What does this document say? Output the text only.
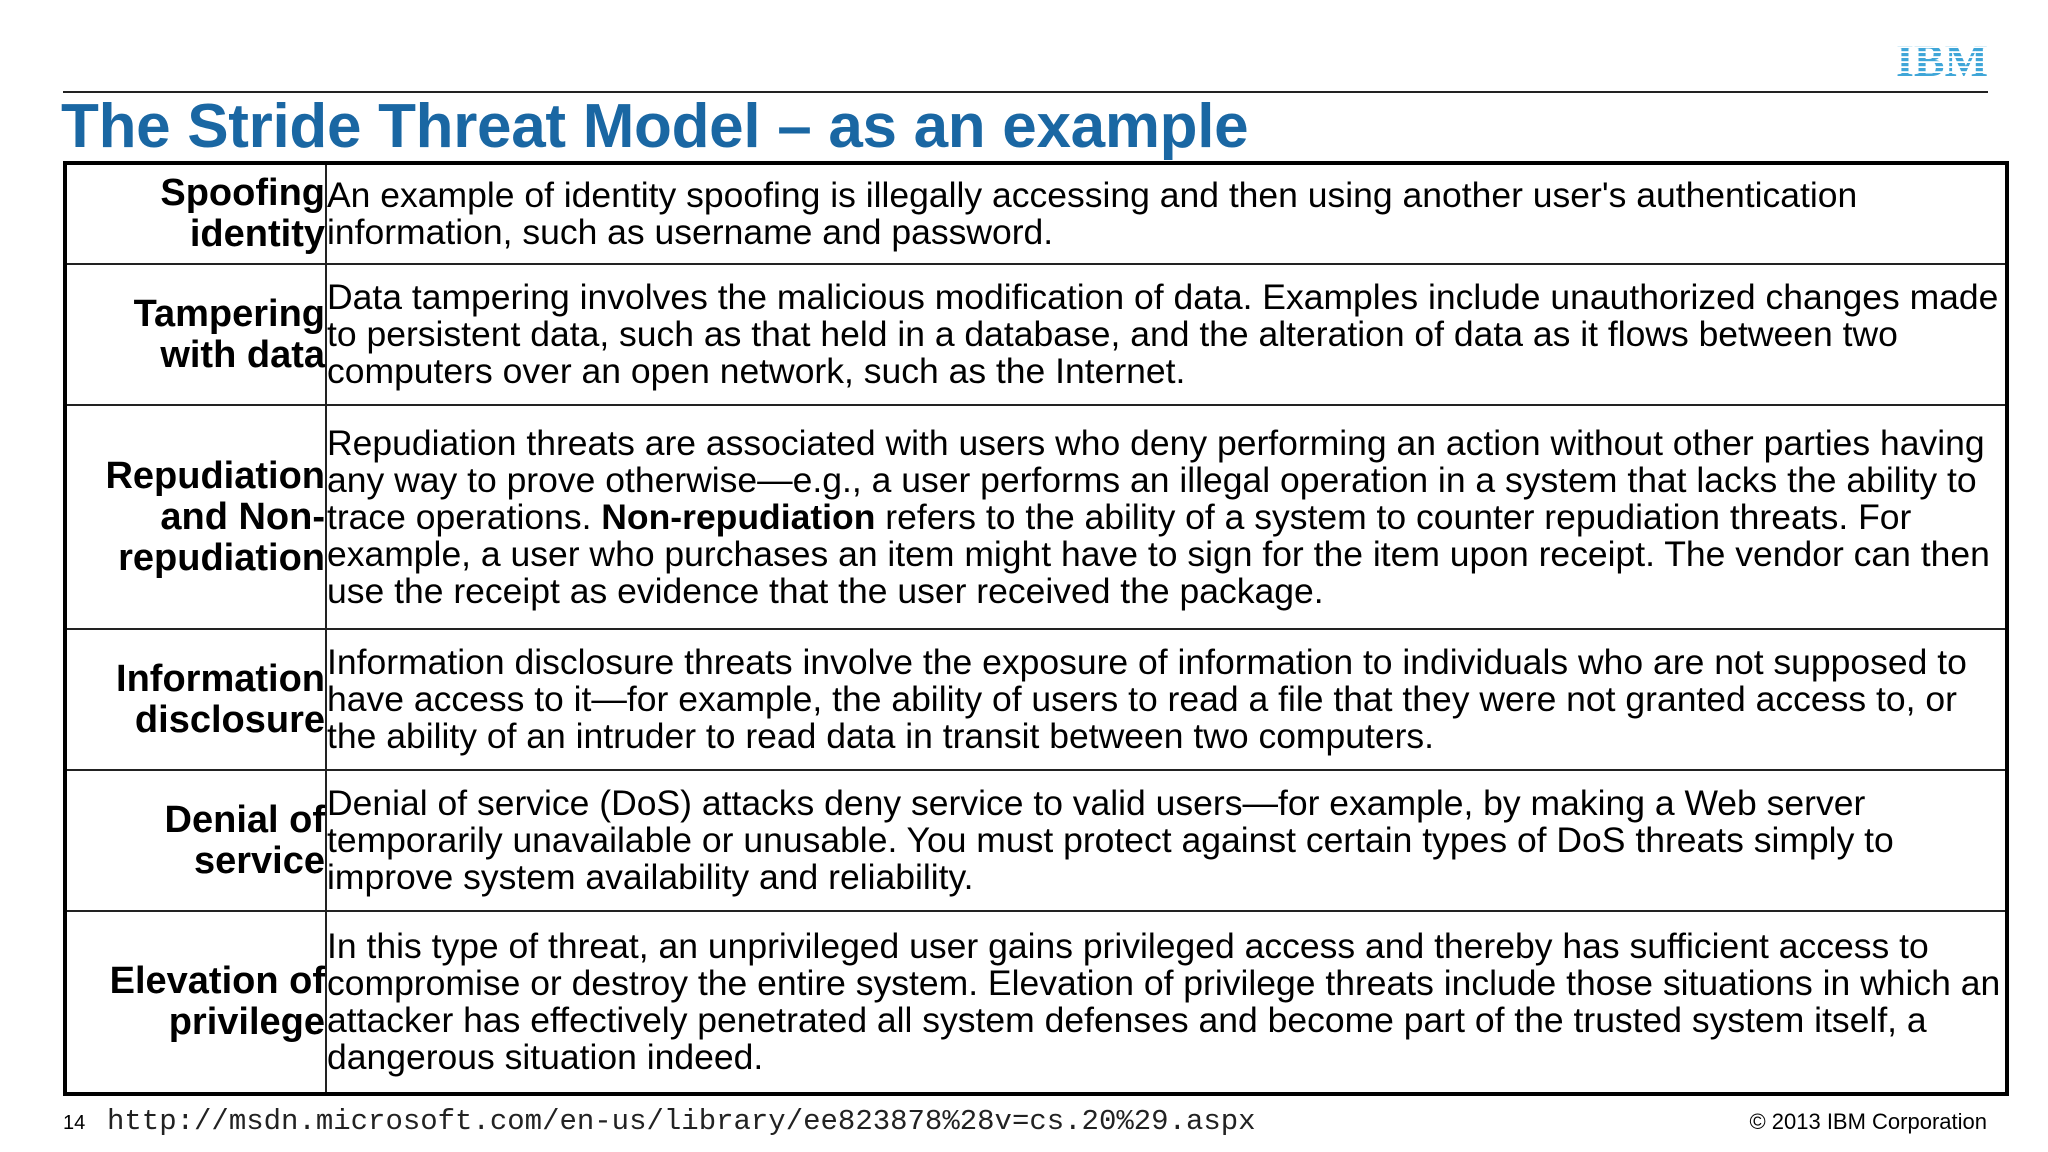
IBM
The Stride Threat Model – as an example
Spoofing identity	An example of identity spoofing is illegally accessing and then using another user's authentication information, such as username and password.
Tampering with data	Data tampering involves the malicious modification of data. Examples include unauthorized changes made to persistent data, such as that held in a database, and the alteration of data as it flows between two computers over an open network, such as the Internet.
Repudiation and Non-repudiation	Repudiation threats are associated with users who deny performing an action without other parties having any way to prove otherwise—e.g., a user performs an illegal operation in a system that lacks the ability to trace operations. Non-repudiation refers to the ability of a system to counter repudiation threats. For example, a user who purchases an item might have to sign for the item upon receipt. The vendor can then use the receipt as evidence that the user received the package.
Information disclosure	Information disclosure threats involve the exposure of information to individuals who are not supposed to have access to it—for example, the ability of users to read a file that they were not granted access to, or the ability of an intruder to read data in transit between two computers.
Denial of service	Denial of service (DoS) attacks deny service to valid users—for example, by making a Web server temporarily unavailable or unusable. You must protect against certain types of DoS threats simply to improve system availability and reliability.
Elevation of privilege	In this type of threat, an unprivileged user gains privileged access and thereby has sufficient access to compromise or destroy the entire system. Elevation of privilege threats include those situations in which an attacker has effectively penetrated all system defenses and become part of the trusted system itself, a dangerous situation indeed.
14 http://msdn.microsoft.com/en-us/library/ee823878%28v=cs.20%29.aspx	© 2013 IBM Corporation
